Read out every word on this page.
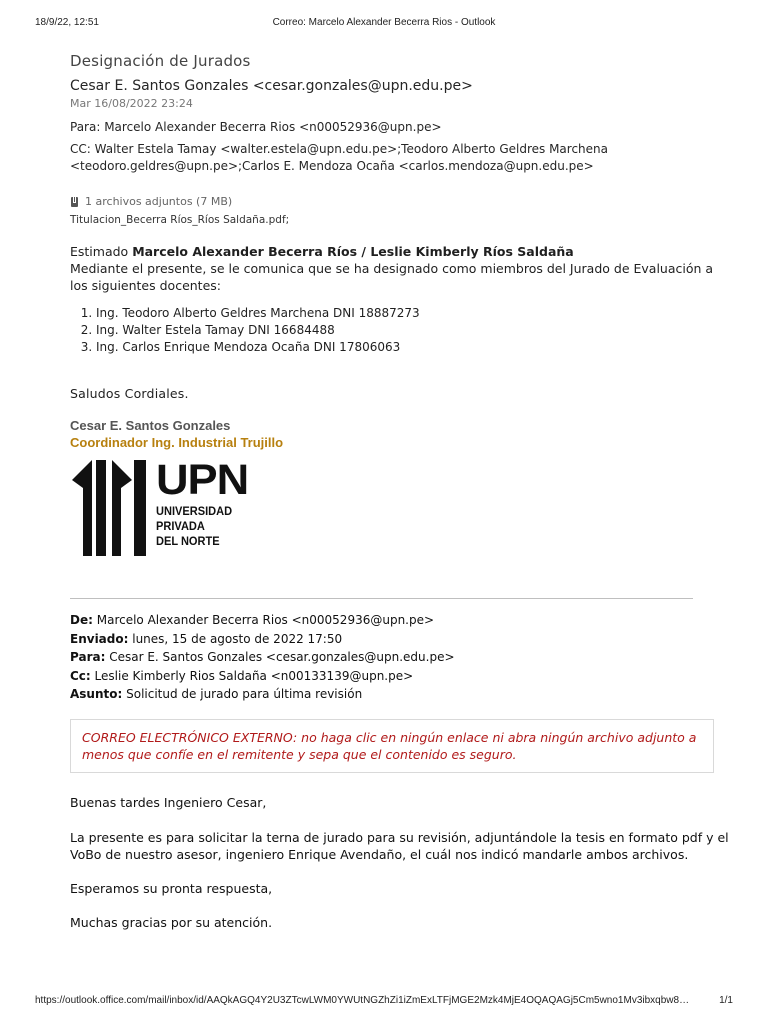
18/9/22, 12:51	Correo: Marcelo Alexander Becerra Rios - Outlook
Designación de Jurados
Cesar E. Santos Gonzales <cesar.gonzales@upn.edu.pe>
Mar 16/08/2022 23:24
Para: Marcelo Alexander Becerra Rios <n00052936@upn.pe>
CC: Walter Estela Tamay <walter.estela@upn.edu.pe>;Teodoro Alberto Geldres Marchena
<teodoro.geldres@upn.pe>;Carlos E. Mendoza Ocaña <carlos.mendoza@upn.edu.pe>
1 archivos adjuntos (7 MB)
Titulacion_Becerra Ríos_Ríos Saldaña.pdf;
Estimado Marcelo Alexander Becerra Ríos / Leslie Kimberly Ríos Saldaña
Mediante el presente, se le comunica que se ha designado como miembros del Jurado de Evaluación a los siguientes docentes:
1. Ing. Teodoro Alberto Geldres Marchena DNI 18887273
2. Ing. Walter Estela Tamay DNI 16684488
3. Ing. Carlos Enrique Mendoza Ocaña DNI 17806063
Saludos Cordiales.
Cesar E. Santos Gonzales
Coordinador Ing. Industrial Trujillo
UPN
UNIVERSIDAD
PRIVADA
DEL NORTE
De: Marcelo Alexander Becerra Rios <n00052936@upn.pe>
Enviado: lunes, 15 de agosto de 2022 17:50
Para: Cesar E. Santos Gonzales <cesar.gonzales@upn.edu.pe>
Cc: Leslie Kimberly Rios Saldaña <n00133139@upn.pe>
Asunto: Solicitud de jurado para última revisión
CORREO ELECTRÓNICO EXTERNO: no haga clic en ningún enlace ni abra ningún archivo adjunto a menos que confíe en el remitente y sepa que el contenido es seguro.

Buenas tardes Ingeniero Cesar,

La presente es para solicitar la terna de jurado para su revisión, adjuntándole la tesis en formato pdf y el VoBo de nuestro asesor, ingeniero Enrique Avendaño, el cuál nos indicó mandarle ambos archivos.

Esperamos su pronta respuesta,

Muchas gracias por su atención.

https://outlook.office.com/mail/inbox/id/AAQkAGQ4Y2U3ZTcwLWM0YWUtNGZhZi1iZmExLTFjMGE2Mzk4MjE4OQAQAGj5Cm5wno1Mv3ibxqbw8…	1/1
